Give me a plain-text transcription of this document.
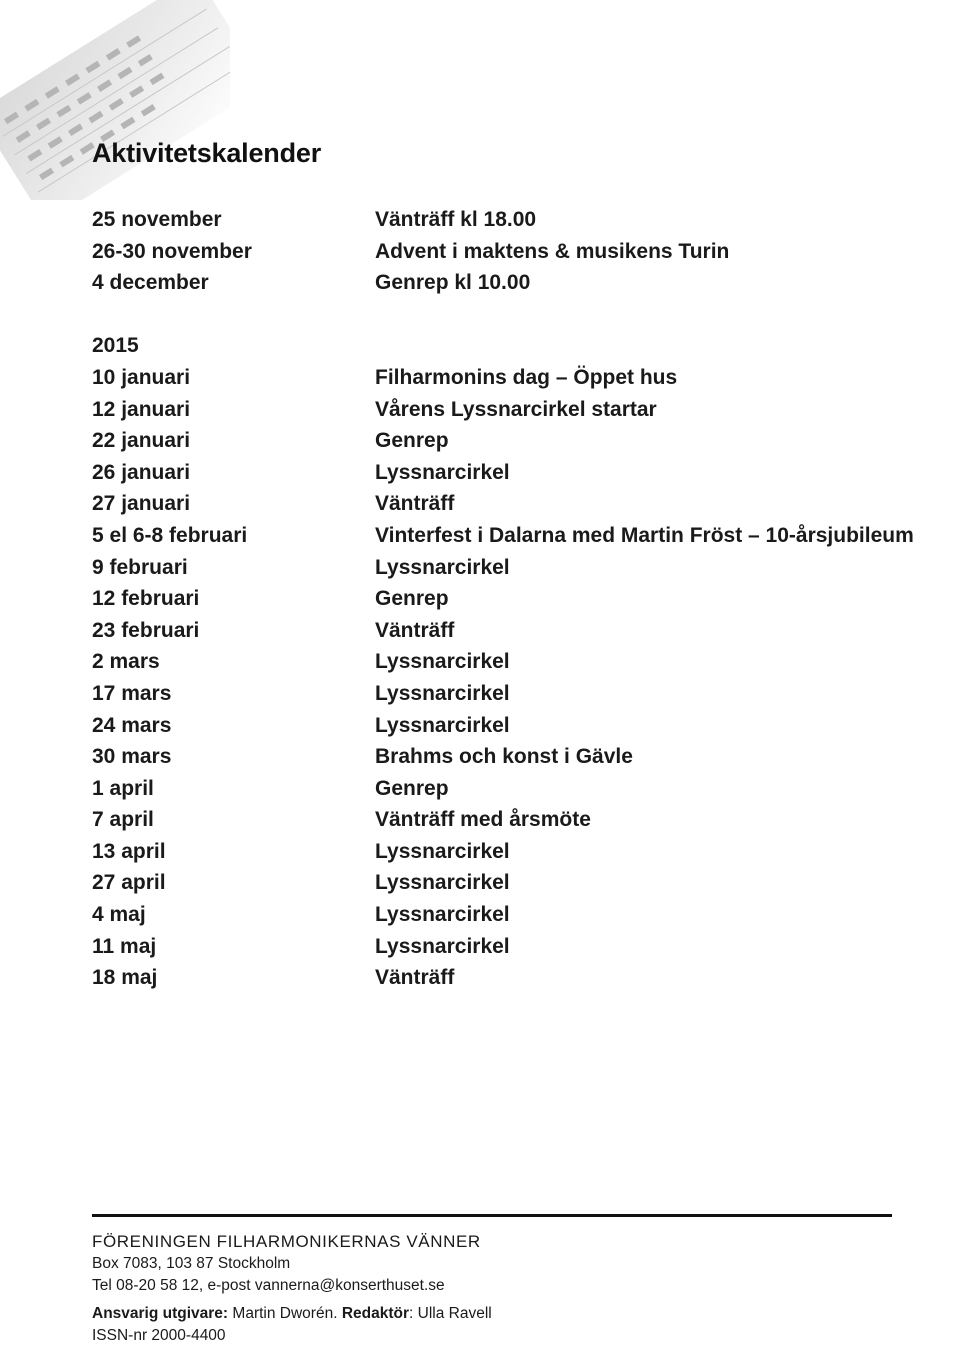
Aktivitetskalender
25 november	Vänträff kl 18.00
26-30 november	Advent i maktens & musikens Turin
4 december	Genrep kl 10.00
2015
10 januari	Filharmonins dag – Öppet hus
12 januari	Vårens Lyssnarcirkel startar
22 januari	Genrep
26 januari	Lyssnarcirkel
27 januari	Vänträff
5 el 6-8 februari	Vinterfest i Dalarna med Martin Fröst – 10-årsjubileum
9 februari	Lyssnarcirkel
12 februari	Genrep
23 februari	Vänträff
2 mars	Lyssnarcirkel
17 mars	Lyssnarcirkel
24 mars	Lyssnarcirkel
30 mars	Brahms och konst i Gävle
1 april	Genrep
7 april	Vänträff med årsmöte
13 april	Lyssnarcirkel
27 april	Lyssnarcirkel
4 maj	Lyssnarcirkel
11 maj	Lyssnarcirkel
18 maj	Vänträff
FÖRENINGEN FILHARMONIKERNAS VÄNNER
Box 7083, 103 87 Stockholm
Tel 08-20 58 12, e-post vannerna@konserthuset.se
Ansvarig utgivare: Martin Dworén. Redaktör: Ulla Ravell
ISSN-nr 2000-4400
